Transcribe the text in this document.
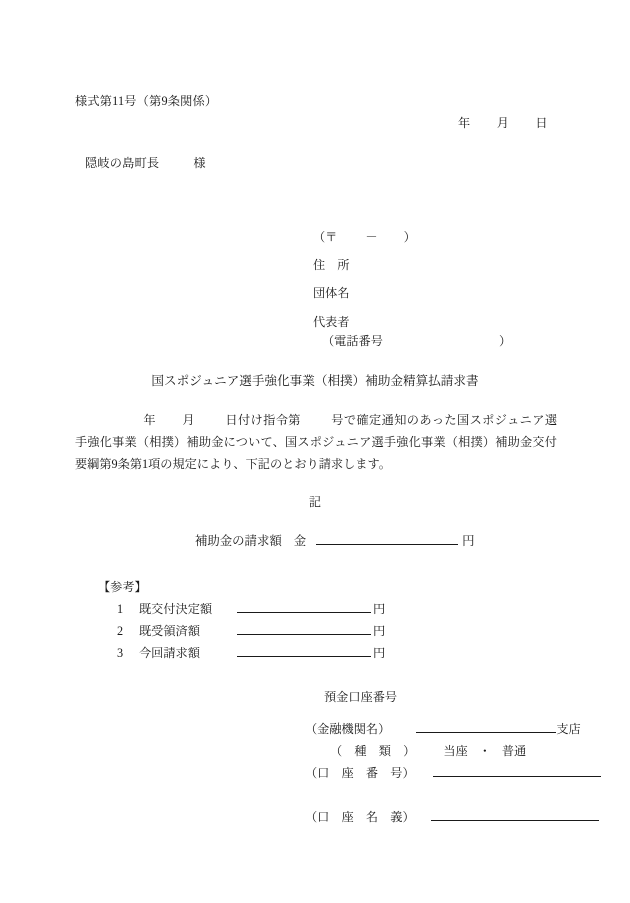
様式第11号（第9条関係）
年 月 日
隠岐の島町長	様
（〒 － ）
住　所
団体名
代表者
（電話番号	）
国スポジュニア選手強化事業（相撲）補助金精算払請求書
年 月 日付け指令第 号で確定通知のあった国スポジュニア選手強化事業（相撲）補助金について、国スポジュニア選手強化事業（相撲）補助金交付要綱第9条第1項の規定により、下記のとおり請求します。
記
補助金の請求額 金	円
【参考】
1 既交付決定額	円
2 既受領済額	円
3 今回請求額	円
預金口座番号
（金融機関名）	支店
（　種　類　） 当座 ・ 普通
（口　座　番　号）
（口　座　名　義）
